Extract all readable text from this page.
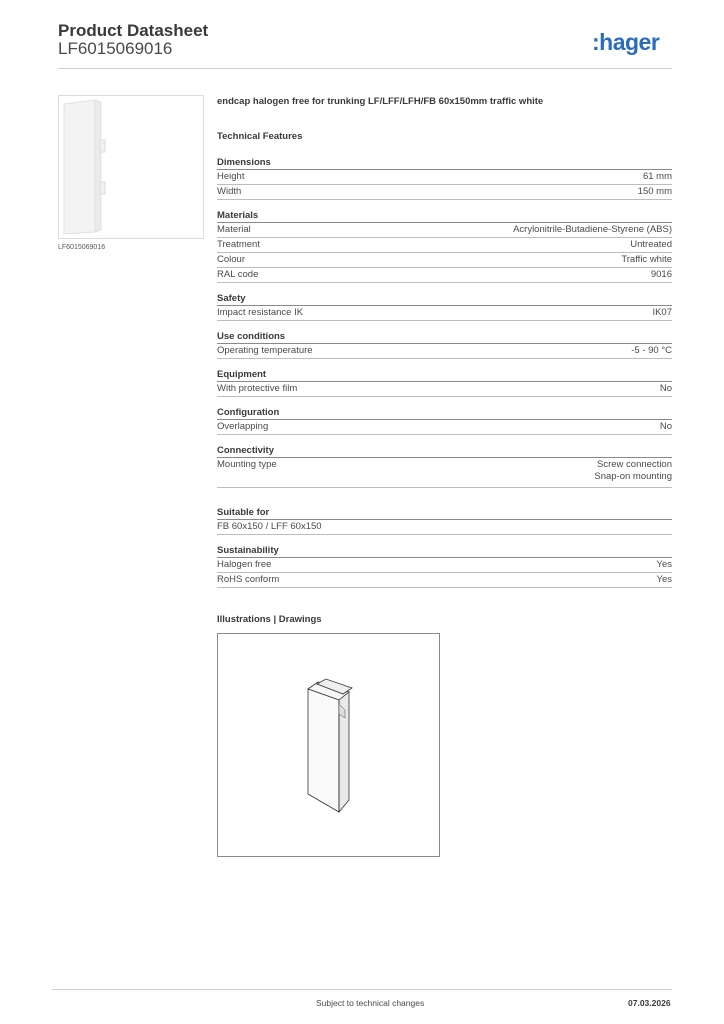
Product Datasheet
LF6015069016	:hager
LF6015069016
endcap halogen free for trunking LF/LFF/LFH/FB 60x150mm traffic white
Technical Features
Dimensions
Height	61 mm
Width	150 mm
Materials
Material	Acrylonitrile-Butadiene-Styrene (ABS)
Treatment	Untreated
Colour	Traffic white
RAL code	9016
Safety
Impact resistance IK	IK07
Use conditions
Operating temperature	-5 - 90 °C
Equipment
With protective film	No
Configuration
Overlapping	No
Connectivity
Mounting type	Screw connection
Snap-on mounting
Suitable for
FB 60x150 / LFF 60x150
Sustainability
Halogen free	Yes
RoHS conform	Yes
Illustrations | Drawings
Subject to technical changes	07.03.2026
